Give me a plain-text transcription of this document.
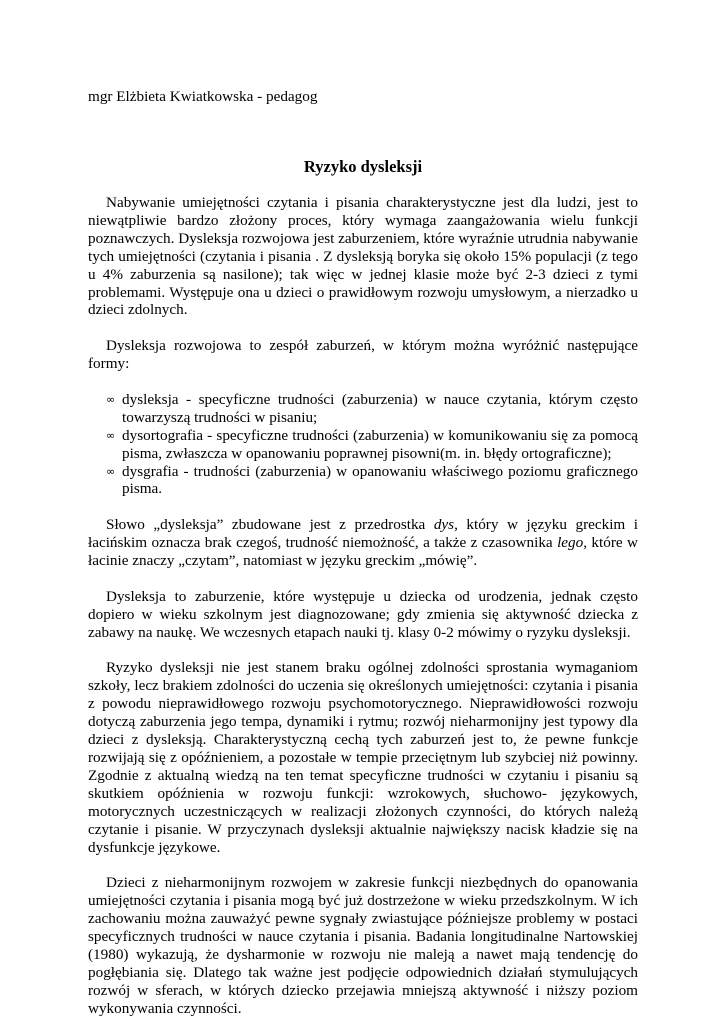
mgr Elżbieta Kwiatkowska - pedagog

Ryzyko dysleksji

Nabywanie umiejętności czytania i pisania charakterystyczne jest dla ludzi, jest to niewątpliwie bardzo złożony proces, który wymaga zaangażowania wielu funkcji poznawczych. Dysleksja rozwojowa jest zaburzeniem, które wyraźnie utrudnia nabywanie tych umiejętności (czytania i pisania . Z dysleksją boryka się około 15% populacji (z tego u 4% zaburzenia są nasilone); tak więc w jednej klasie może być 2-3 dzieci z tymi problemami. Występuje ona u dzieci o prawidłowym rozwoju umysłowym, a nierzadko u dzieci zdolnych.

Dysleksja rozwojowa to zespół zaburzeń, w którym można wyróżnić następujące formy:

∞ dysleksja - specyficzne trudności (zaburzenia) w nauce czytania, którym często towarzyszą trudności w pisaniu;
∞ dysortografia - specyficzne trudności (zaburzenia) w komunikowaniu się za pomocą pisma, zwłaszcza w opanowaniu poprawnej pisowni(m. in. błędy ortograficzne);
∞ dysgrafia - trudności (zaburzenia) w opanowaniu właściwego poziomu graficznego pisma.

Słowo „dysleksja” zbudowane jest z przedrostka dys, który w języku greckim i łacińskim oznacza brak czegoś, trudność niemożność, a także z czasownika lego, które w łacinie znaczy „czytam”, natomiast w języku greckim „mówię”.

Dysleksja to zaburzenie, które występuje u dziecka od urodzenia, jednak często dopiero w wieku szkolnym jest diagnozowane; gdy zmienia się aktywność dziecka z zabawy na naukę. We wczesnych etapach nauki tj. klasy 0-2 mówimy o ryzyku dysleksji.

Ryzyko dysleksji nie jest stanem braku ogólnej zdolności sprostania wymaganiom szkoły, lecz brakiem zdolności do uczenia się określonych umiejętności: czytania i pisania z powodu nieprawidłowego rozwoju psychomotorycznego. Nieprawidłowości rozwoju dotyczą zaburzenia jego tempa, dynamiki i rytmu; rozwój nieharmonijny jest typowy dla dzieci z dysleksją. Charakterystyczną cechą tych zaburzeń jest to, że pewne funkcje rozwijają się z opóźnieniem, a pozostałe w tempie przeciętnym lub szybciej niż powinny. Zgodnie z aktualną wiedzą na ten temat specyficzne trudności w czytaniu i pisaniu są skutkiem opóźnienia w rozwoju funkcji: wzrokowych, słuchowo- językowych, motorycznych uczestniczących w realizacji złożonych czynności, do których należą czytanie i pisanie. W przyczynach dysleksji aktualnie największy nacisk kładzie się na dysfunkcje językowe.

Dzieci z nieharmonijnym rozwojem w zakresie funkcji niezbędnych do opanowania umiejętności czytania i pisania mogą być już dostrzeżone w wieku przedszkolnym. W ich zachowaniu można zauważyć pewne sygnały zwiastujące późniejsze problemy w postaci specyficznych trudności w nauce czytania i pisania. Badania longitudinalne Nartowskiej (1980) wykazują, że dysharmonie w rozwoju nie maleją a nawet mają tendencję do pogłębiania się. Dlatego tak ważne jest podjęcie odpowiednich działań stymulujących rozwój w sferach, w których dziecko przejawia mniejszą aktywność i niższy poziom wykonywania czynności.
